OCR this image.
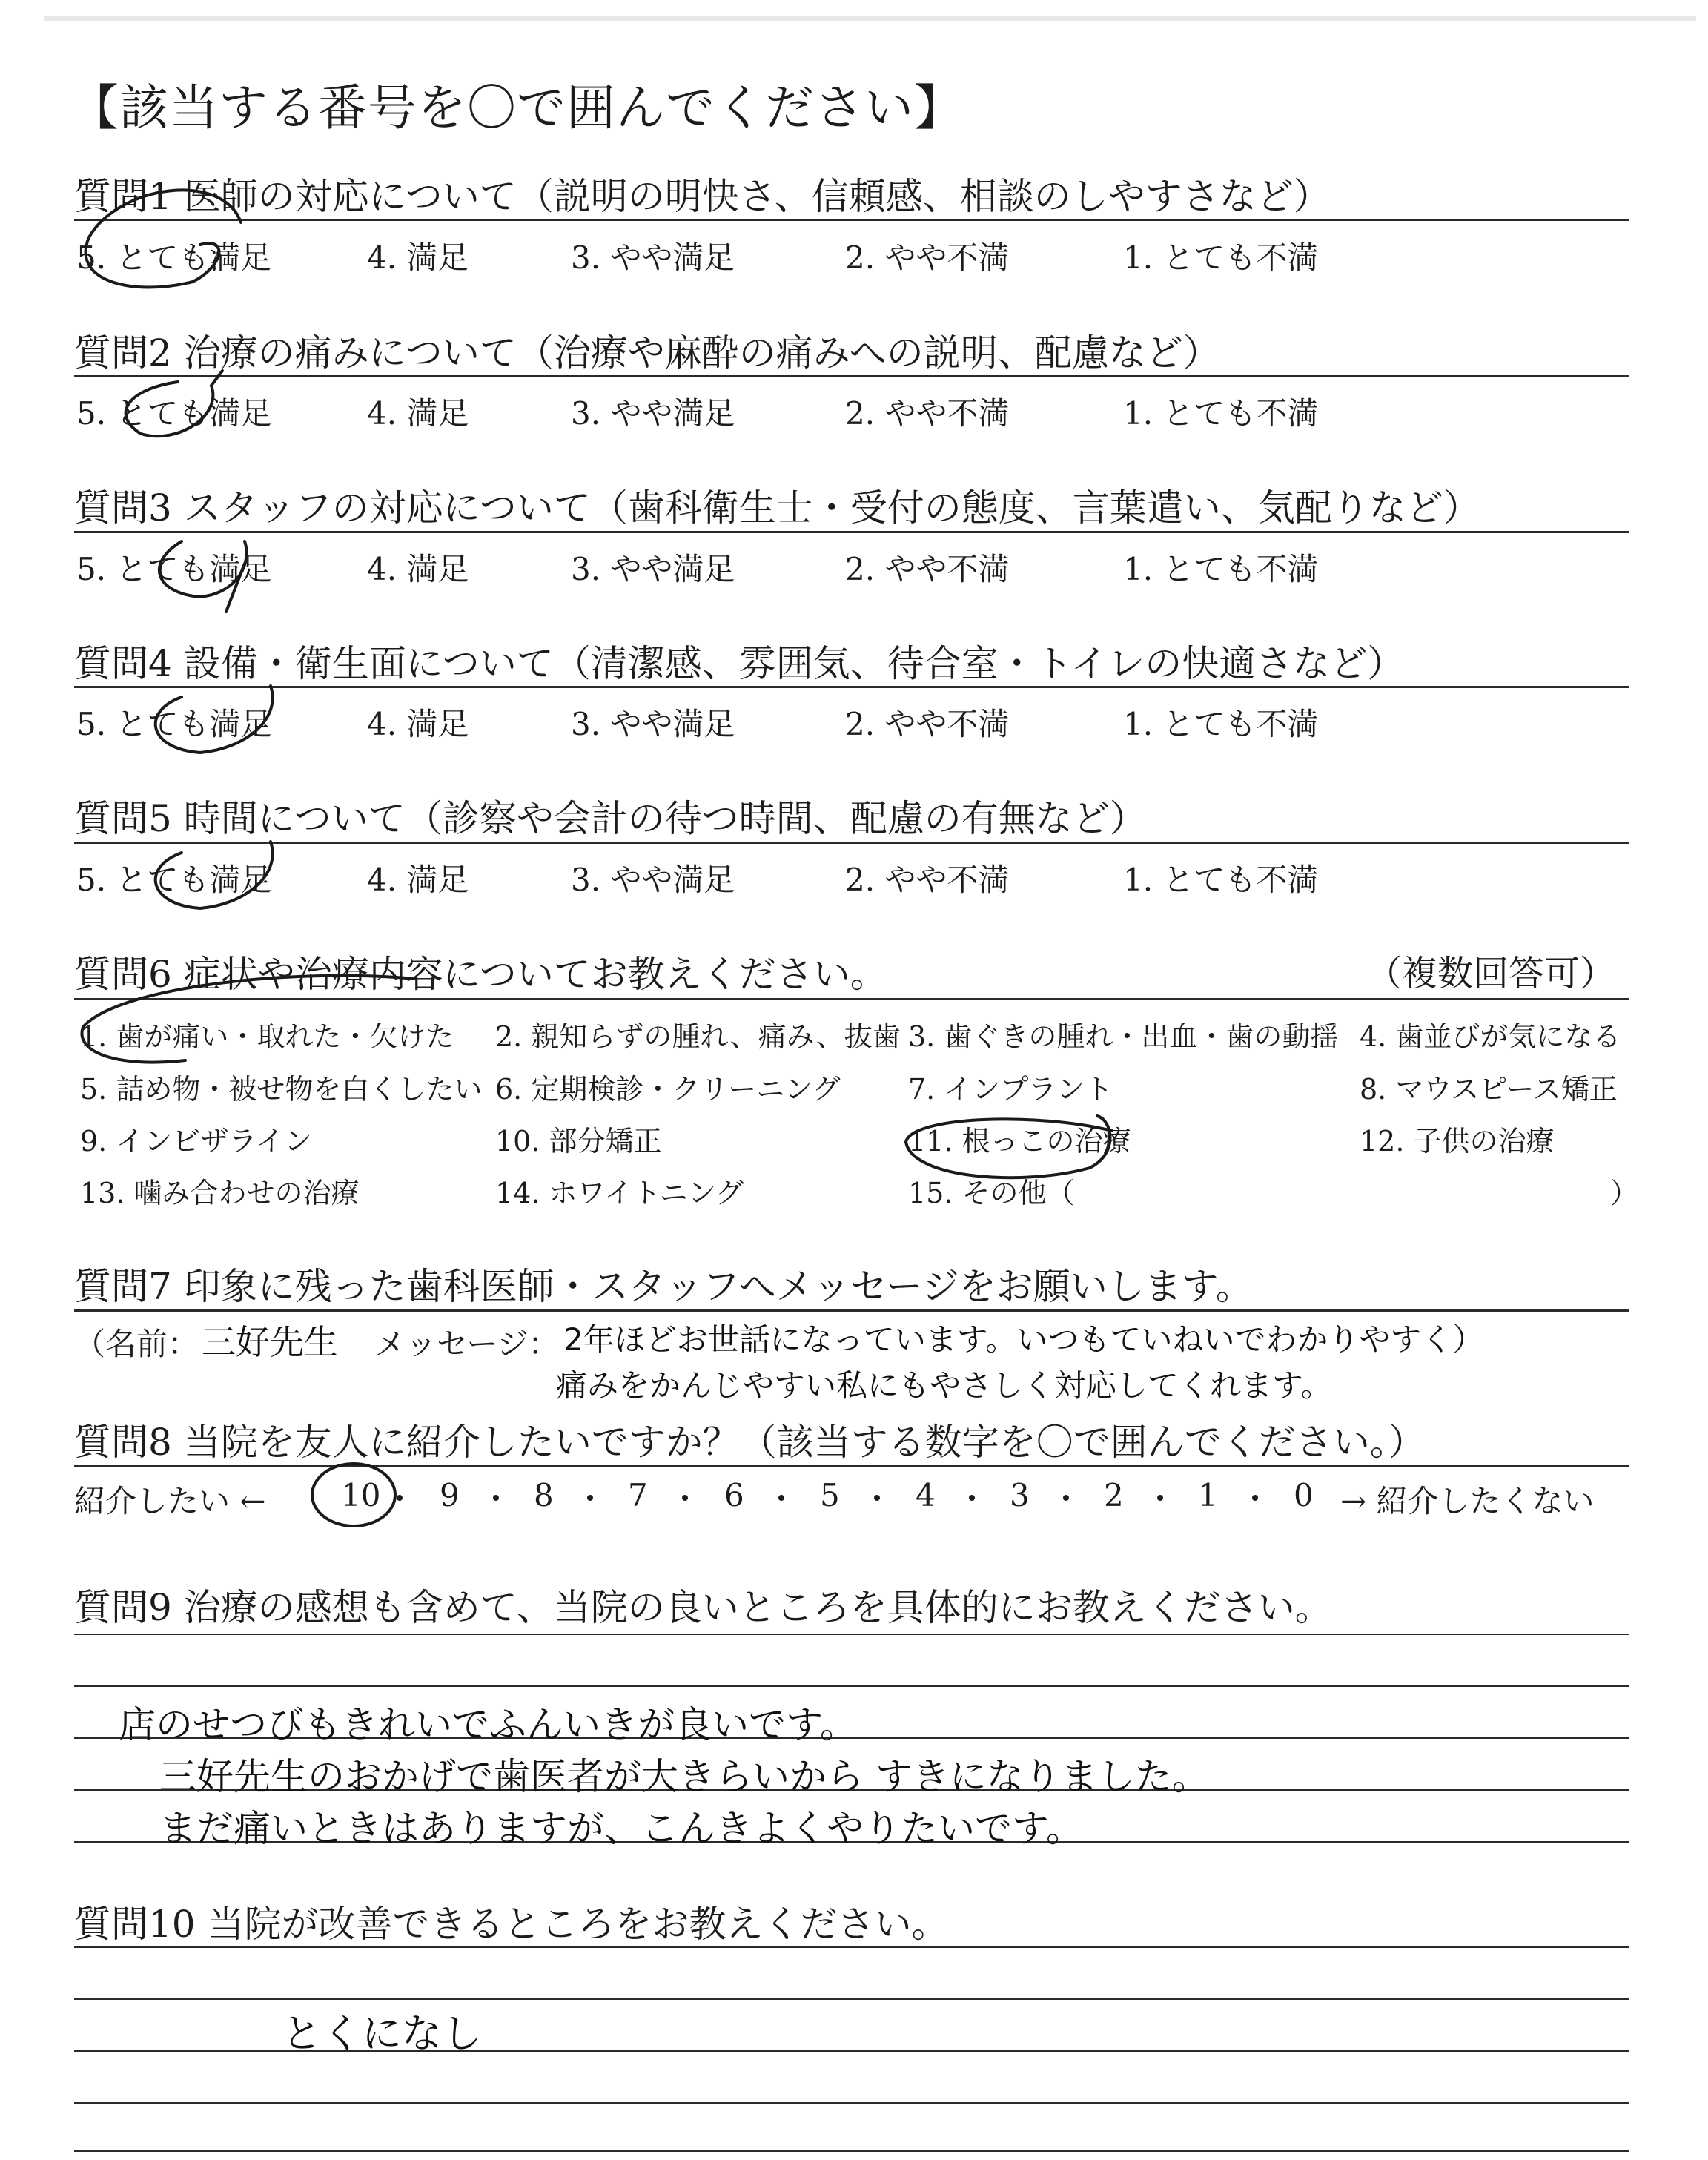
【該当する番号を〇で囲んでください】
質問1 医師の対応について（説明の明快さ、信頼感、相談のしやすさなど）
質問2 治療の痛みについて（治療や麻酔の痛みへの説明、配慮など）
質問3 スタッフの対応について（歯科衛生士・受付の態度、言葉遣い、気配りなど）
質問4 設備・衛生面について（清潔感、雰囲気、待合室・トイレの快適さなど）
質問5 時間について（診察や会計の待つ時間、配慮の有無など）
5. とても満足	4. 満足	3. やや満足	2. やや不満	1. とても不満
5. とても満足	4. 満足	3. やや満足	2. やや不満	1. とても不満
5. とても満足	4. 満足	3. やや満足	2. やや不満	1. とても不満
5. とても満足	4. 満足	3. やや満足	2. やや不満	1. とても不満
5. とても満足	4. 満足	3. やや満足	2. やや不満	1. とても不満
質問6 症状や治療内容についてお教えください。	（複数回答可）
1. 歯が痛い・取れた・欠けた 2. 親知らずの腫れ、痛み、抜歯 3. 歯ぐきの腫れ・出血・歯の動揺 4. 歯並びが気になる
5. 詰め物・被せ物を白くしたい 6. 定期検診・クリーニング 7. インプラント	8. マウスピース矯正
9. インビザライン	10. 部分矯正	11. 根っこの治療	12. 子供の治療
13. 噛み合わせの治療	14. ホワイトニング	15. その他（	）
質問7 印象に残った歯科医師・スタッフへメッセージをお願いします。
（名前： 三好先生 メッセージ： 2年ほどお世話になっています。いつもていねいでわかりやすく）
痛みをかんじやすい私にもやさしく対応してくれます。
質問8 当院を友人に紹介したいですか？（該当する数字を〇で囲んでください。）
紹介したい ←	→ 紹介したくない
10 9 8 7 6 5 4 3 2 1 0
質問9 治療の感想も含めて、当院の良いところを具体的にお教えください。
店のせつびもきれいでふんいきが良いです。
三好先生のおかげで歯医者が大きらいから すきになりました。
まだ痛いときはありますが、こんきよくやりたいです。
質問10 当院が改善できるところをお教えください。
とくになし
